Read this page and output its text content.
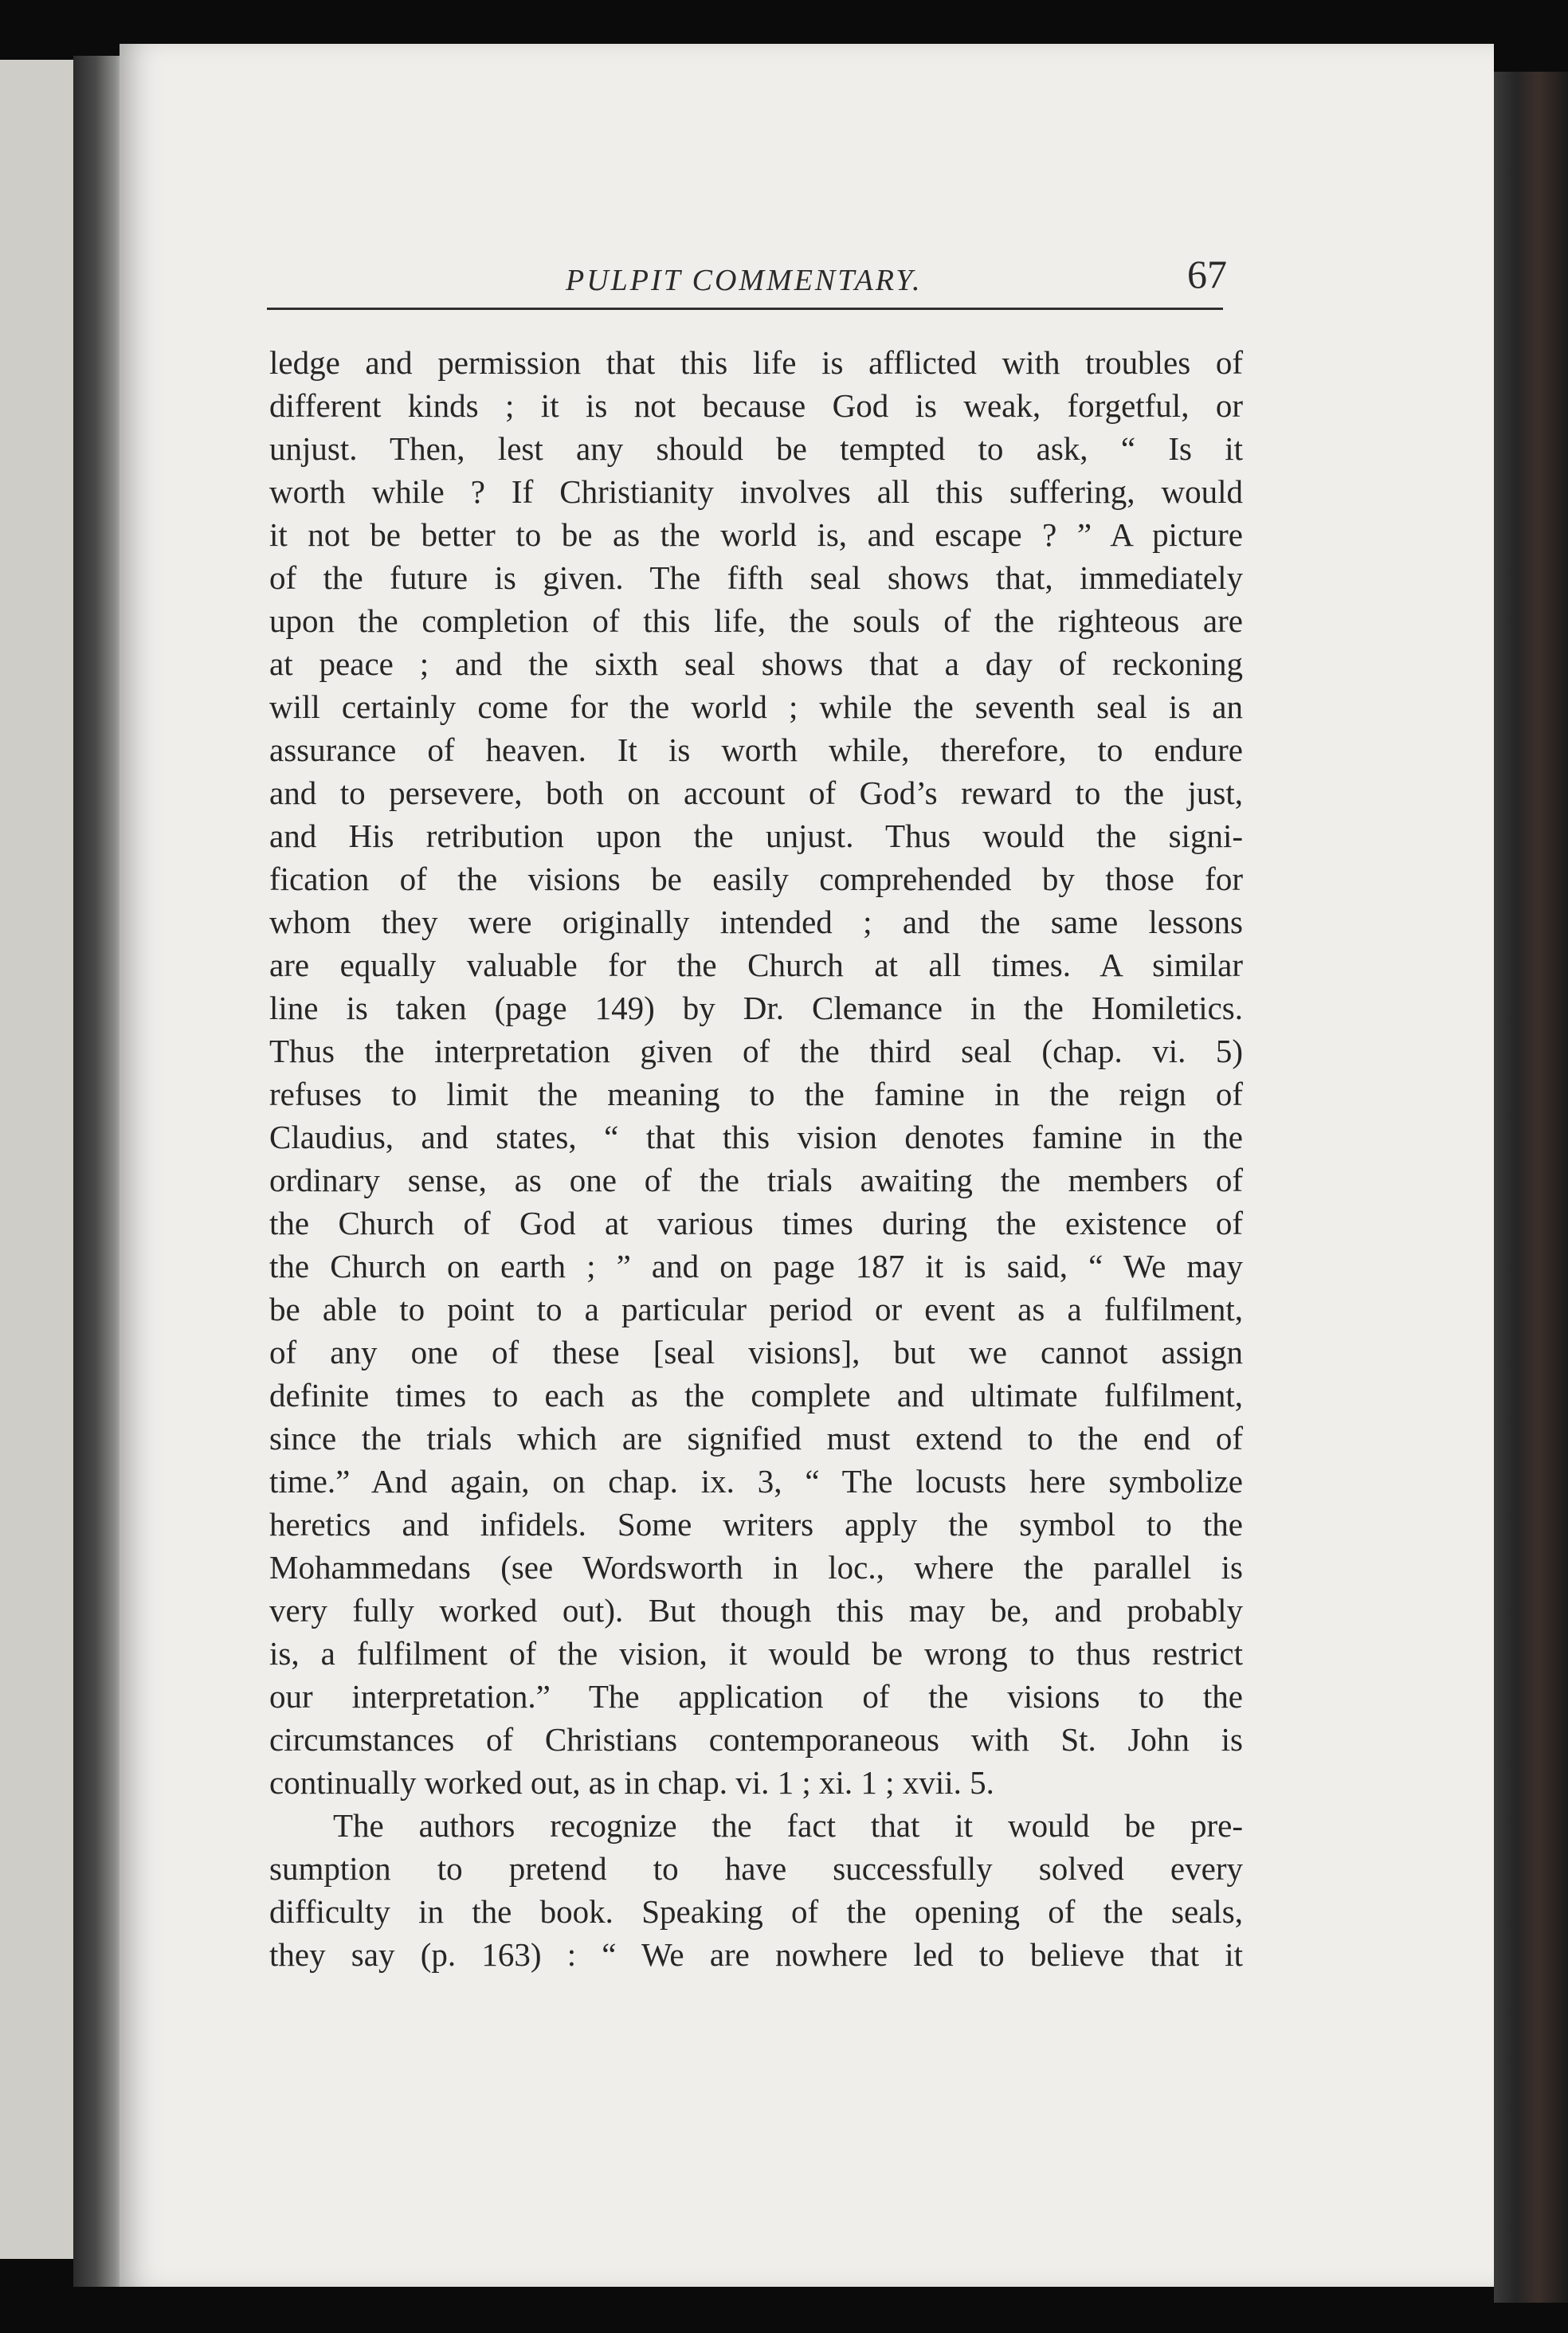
PULPIT COMMENTARY.	67
ledge and permission that this life is afflicted with troubles of
different kinds ; it is not because God is weak, forgetful, or
unjust. Then, lest any should be tempted to ask, “ Is it
worth while ? If Christianity involves all this suffering, would
it not be better to be as the world is, and escape ? ” A picture
of the future is given. The fifth seal shows that, immediately
upon the completion of this life, the souls of the righteous are
at peace ; and the sixth seal shows that a day of reckoning
will certainly come for the world ; while the seventh seal is an
assurance of heaven. It is worth while, therefore, to endure
and to persevere, both on account of God’s reward to the just,
and His retribution upon the unjust. Thus would the signi-
fication of the visions be easily comprehended by those for
whom they were originally intended ; and the same lessons
are equally valuable for the Church at all times. A similar
line is taken (page 149) by Dr. Clemance in the Homiletics.
Thus the interpretation given of the third seal (chap. vi. 5)
refuses to limit the meaning to the famine in the reign of
Claudius, and states, “ that this vision denotes famine in the
ordinary sense, as one of the trials awaiting the members of
the Church of God at various times during the existence of
the Church on earth ; ” and on page 187 it is said, “ We may
be able to point to a particular period or event as a fulfilment,
of any one of these [seal visions], but we cannot assign
definite times to each as the complete and ultimate fulfilment,
since the trials which are signified must extend to the end of
time.” And again, on chap. ix. 3, “ The locusts here symbolize
heretics and infidels. Some writers apply the symbol to the
Mohammedans (see Wordsworth in loc., where the parallel is
very fully worked out). But though this may be, and probably
is, a fulfilment of the vision, it would be wrong to thus restrict
our interpretation.” The application of the visions to the
circumstances of Christians contemporaneous with St. John is
continually worked out, as in chap. vi. 1 ; xi. 1 ; xvii. 5.
The authors recognize the fact that it would be pre-
sumption to pretend to have successfully solved every
difficulty in the book. Speaking of the opening of the seals,
they say (p. 163) : “ We are nowhere led to believe that it
